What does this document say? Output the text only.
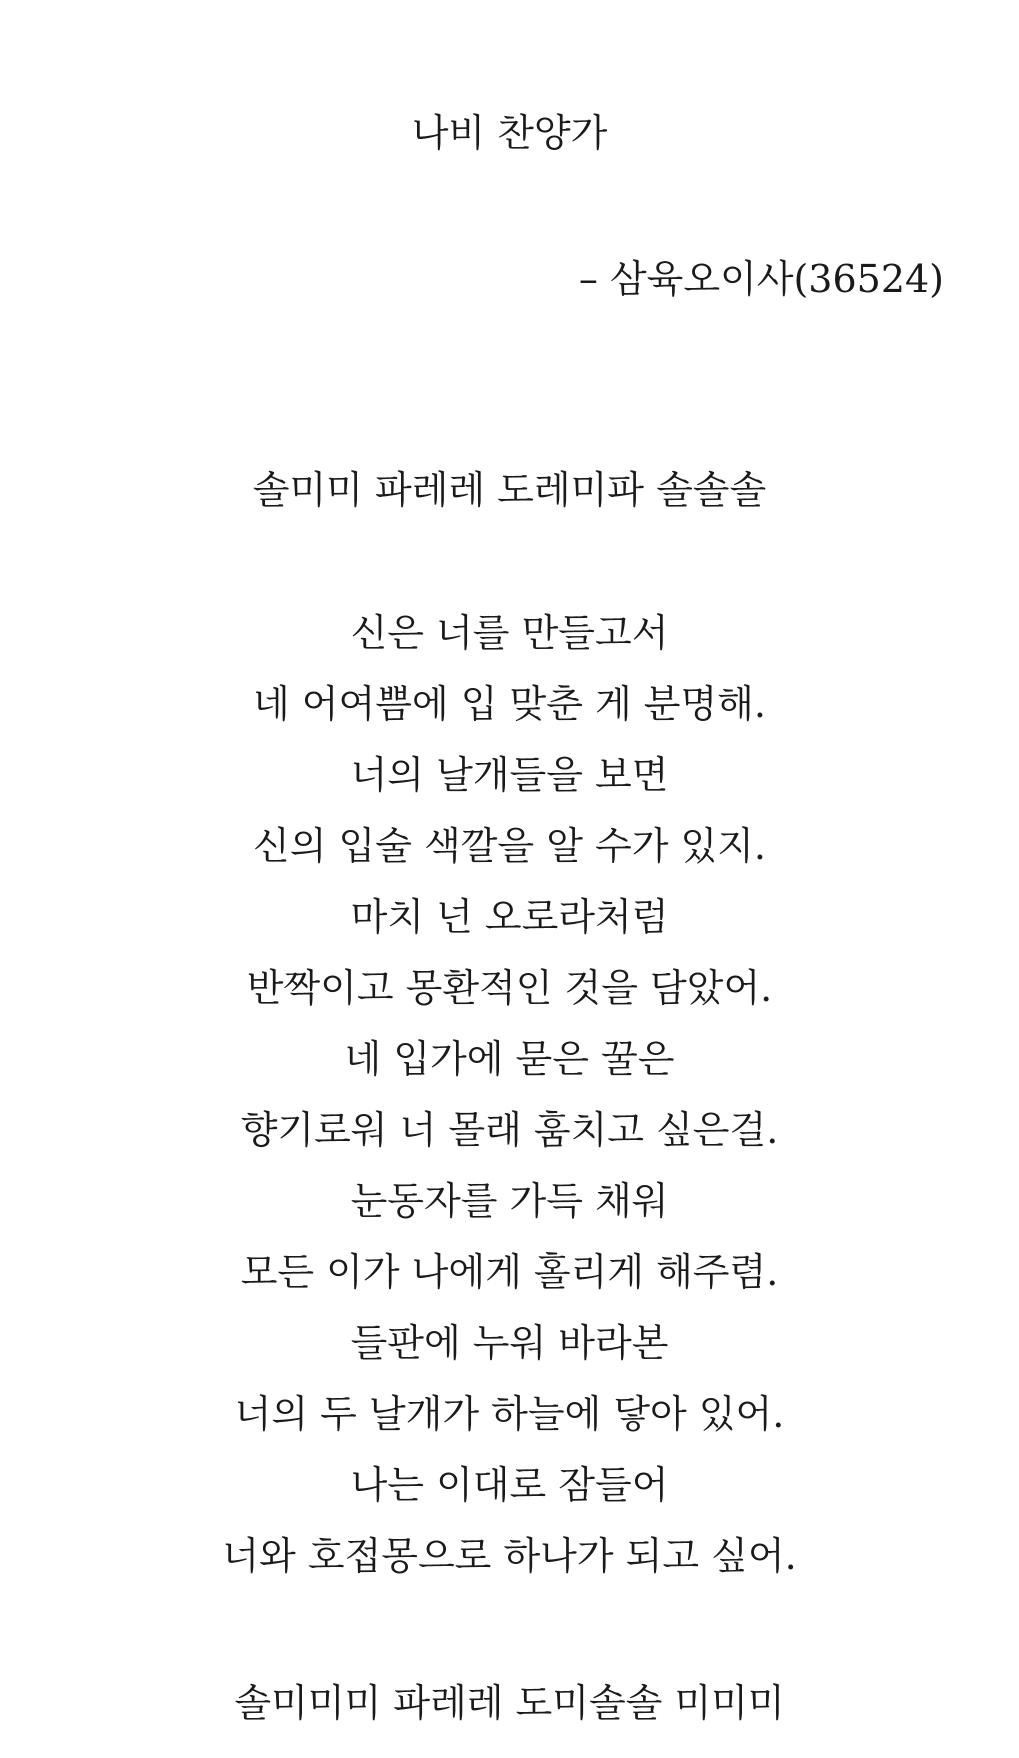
나비 찬양가
– 삼육오이사(36524)
솔미미 파레레 도레미파 솔솔솔
신은 너를 만들고서
네 어여쁨에 입 맞춘 게 분명해.
너의 날개들을 보면
신의 입술 색깔을 알 수가 있지.
마치 넌 오로라처럼
반짝이고 몽환적인 것을 담았어.
네 입가에 묻은 꿀은
향기로워 너 몰래 훔치고 싶은걸.
눈동자를 가득 채워
모든 이가 나에게 홀리게 해주렴.
들판에 누워 바라본
너의 두 날개가 하늘에 닿아 있어.
나는 이대로 잠들어
너와 호접몽으로 하나가 되고 싶어.
솔미미미 파레레 도미솔솔 미미미
